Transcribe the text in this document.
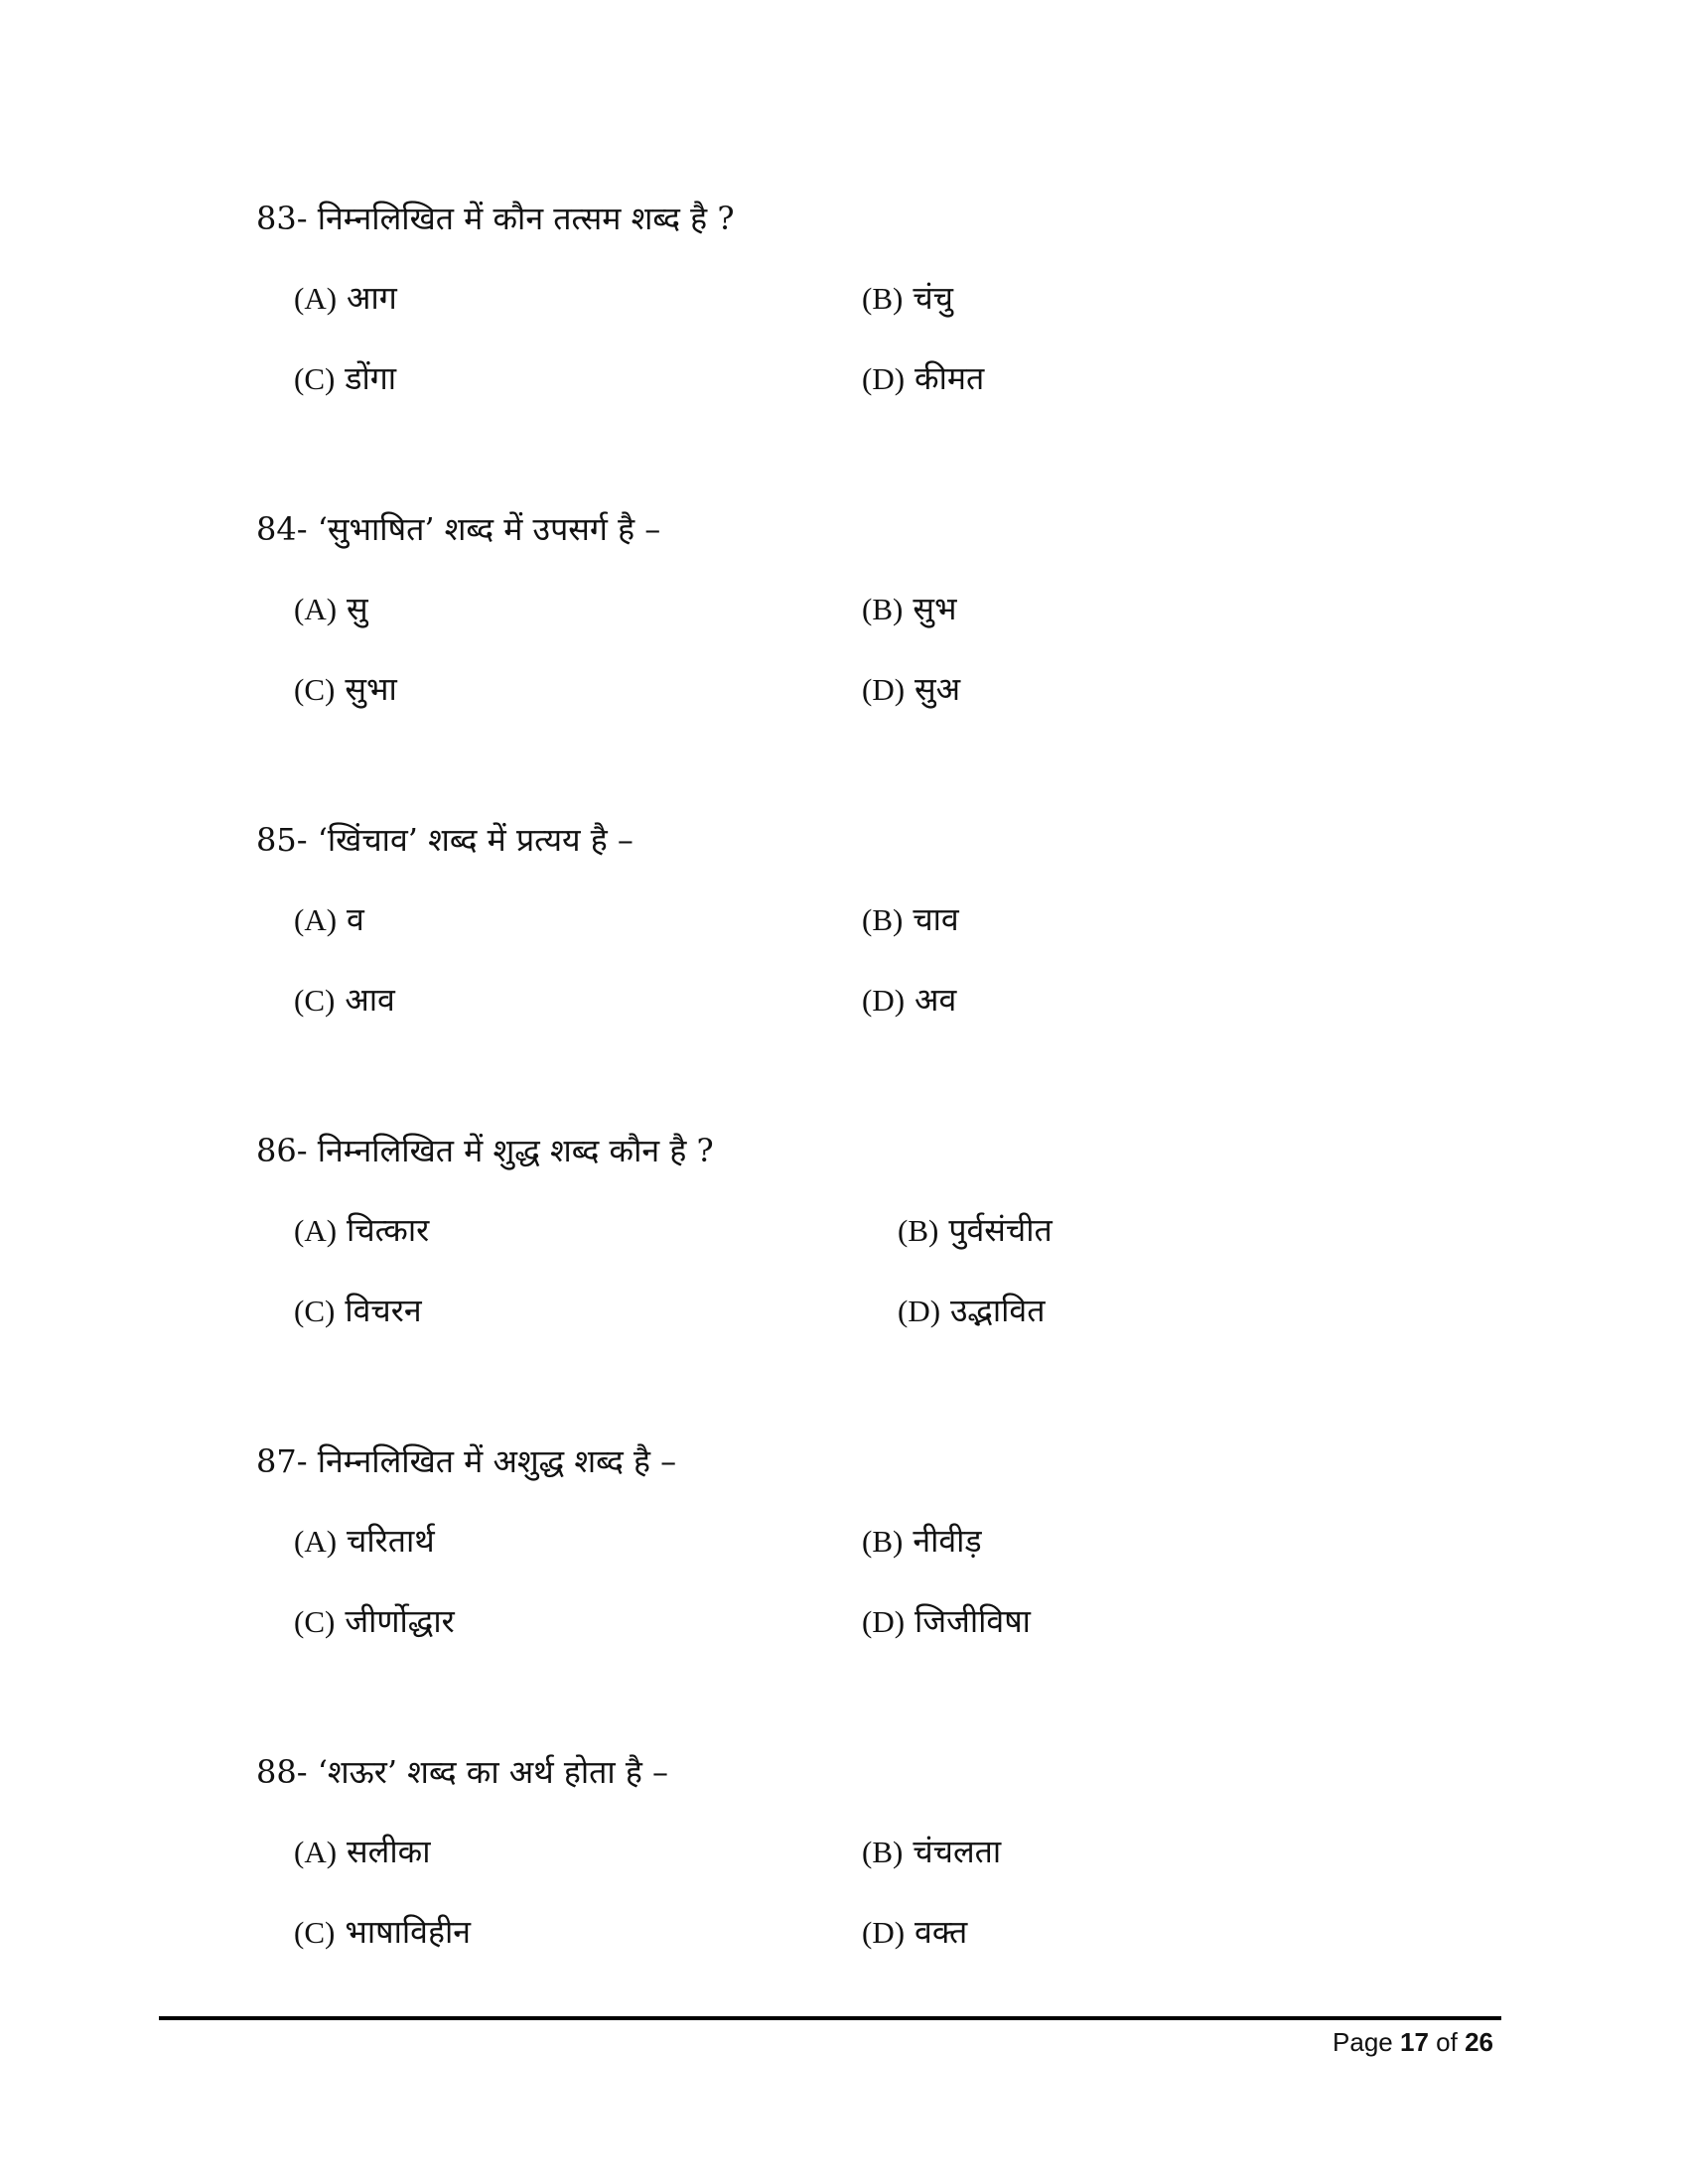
83- निम्नलिखित में कौन तत्सम शब्द है ?

(A) आग	(B) चंचु
(C) डोंगा	(D) कीमत

84- ‘सुभाषित’ शब्द में उपसर्ग है –

(A) सु	(B) सुभ
(C) सुभा	(D) सुअ

85- ‘खिंचाव’ शब्द में प्रत्यय है –

(A) व	(B) चाव
(C) आव	(D) अव

86- निम्नलिखित में शुद्ध शब्द कौन है ?

(A) चित्कार	(B) पुर्वसंचीत
(C) विचरन	(D) उद्भावित

87- निम्नलिखित में अशुद्ध शब्द है –

(A) चरितार्थ	(B) नीवीड़
(C) जीर्णोद्धार	(D) जिजीविषा

88- ‘शऊर’ शब्द का अर्थ होता है –

(A) सलीका	(B) चंचलता
(C) भाषाविहीन	(D) वक्त
Page 17 of 26
